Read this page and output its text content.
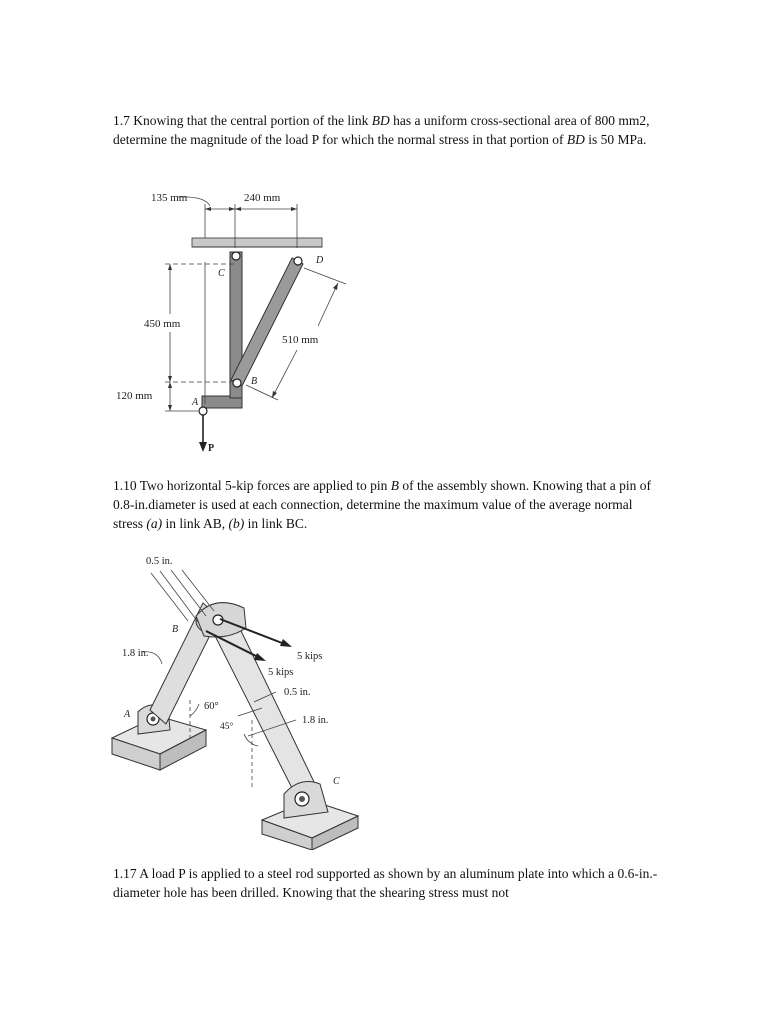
1.7 Knowing that the central portion of the link BD has a uniform cross-sectional area of 800 mm2, determine the magnitude of the load P for which the normal stress in that portion of BD is 50 MPa.

135 mm	240 mm
450 mm
120 mm
510 mm
C
D
B
A
P

1.10 Two horizontal 5-kip forces are applied to pin B of the assembly shown. Knowing that a pin of 0.8-in.diameter is used at each connection, determine the maximum value of the average normal stress (a) in link AB, (b) in link BC.

0.5 in.
1.8 in.	5 kips
5 kips
0.5 in.
1.8 in.
60°
45°
A
B
C

1.17 A load P is applied to a steel rod supported as shown by an aluminum plate into which a 0.6-in.-diameter hole has been drilled. Knowing that the shearing stress must not
